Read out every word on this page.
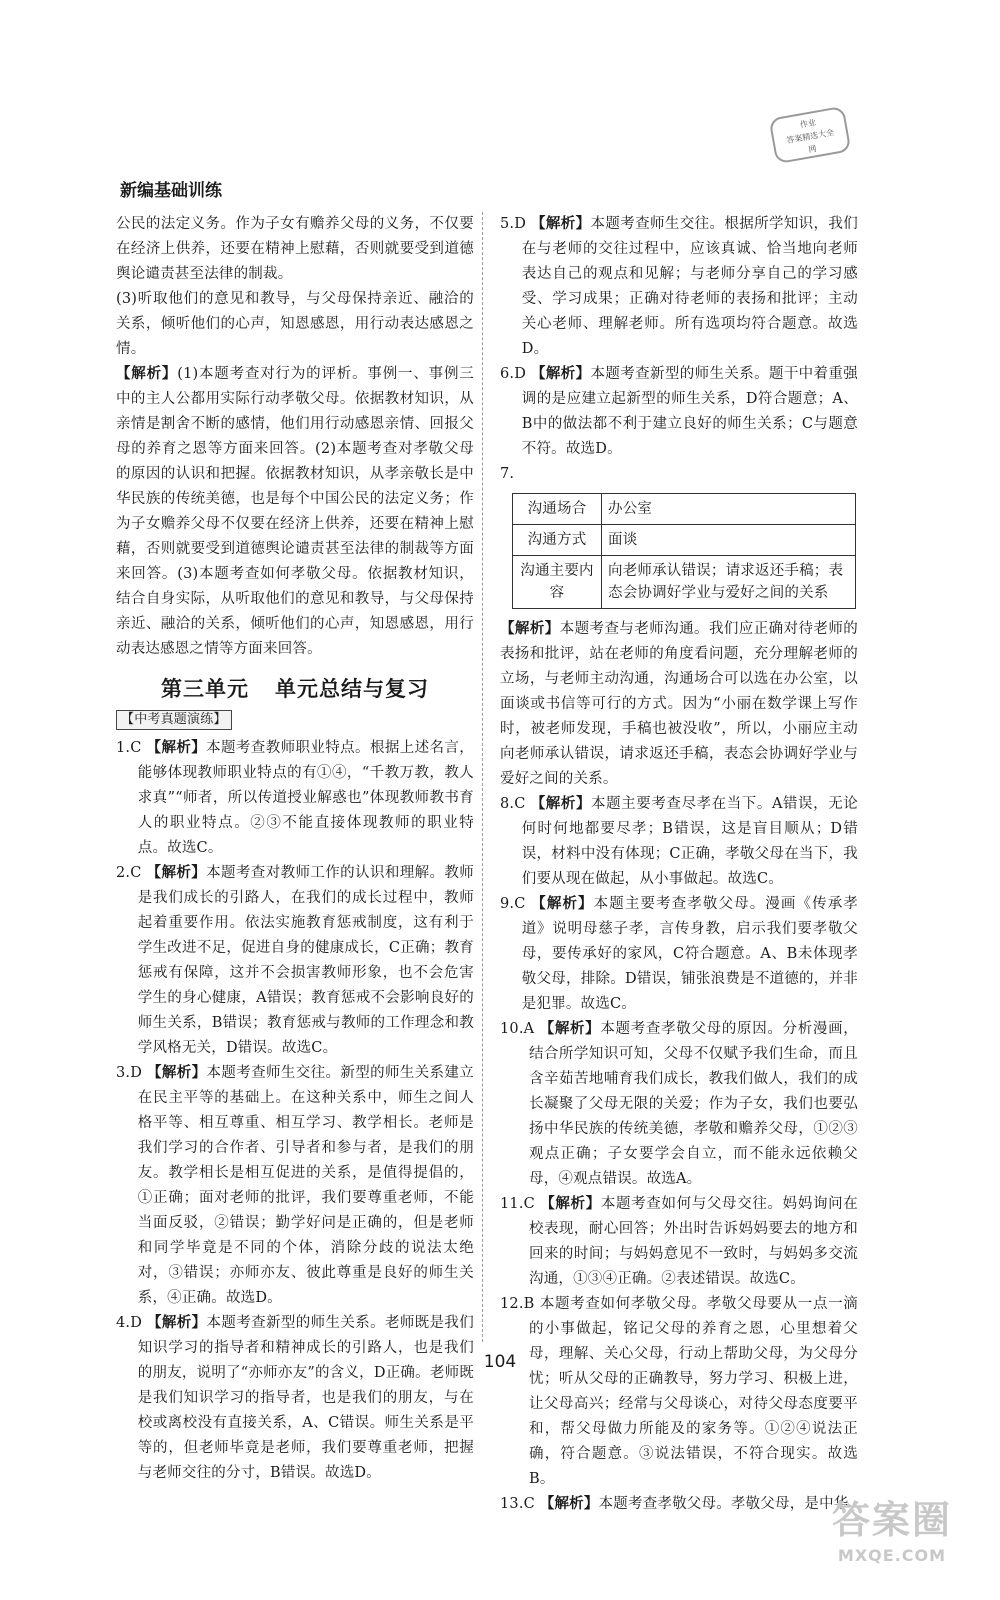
新编基础训练
作业
答案精选大全
网

公民的法定义务。作为子女有赡养父母的义务，不仅要在经济上供养，还要在精神上慰藉，否则就要受到道德舆论谴责甚至法律的制裁。

(3)听取他们的意见和教导，与父母保持亲近、融洽的关系，倾听他们的心声，知恩感恩，用行动表达感恩之情。

【解析】(1)本题考查对行为的评析。事例一、事例三中的主人公都用实际行动孝敬父母。依据教材知识，从亲情是割舍不断的感情，他们用行动感恩亲情、回报父母的养育之恩等方面来回答。(2)本题考查对孝敬父母的原因的认识和把握。依据教材知识，从孝亲敬长是中华民族的传统美德，也是每个中国公民的法定义务；作为子女赡养父母不仅要在经济上供养，还要在精神上慰藉，否则就要受到道德舆论谴责甚至法律的制裁等方面来回答。(3)本题考查如何孝敬父母。依据教材知识，结合自身实际，从听取他们的意见和教导，与父母保持亲近、融洽的关系，倾听他们的心声，知恩感恩，用行动表达感恩之情等方面来回答。

第三单元 单元总结与复习
【中考真题演练】

1.C 【解析】本题考查教师职业特点。根据上述名言，能够体现教师职业特点的有①④，“千教万教，教人求真”“师者，所以传道授业解惑也”体现教师教书育人的职业特点。②③不能直接体现教师的职业特点。故选C。

2.C 【解析】本题考查对教师工作的认识和理解。教师是我们成长的引路人，在我们的成长过程中，教师起着重要作用。依法实施教育惩戒制度，这有利于学生改进不足，促进自身的健康成长，C正确；教育惩戒有保障，这并不会损害教师形象，也不会危害学生的身心健康，A错误；教育惩戒不会影响良好的师生关系，B错误；教育惩戒与教师的工作理念和教学风格无关，D错误。故选C。

3.D 【解析】本题考查师生交往。新型的师生关系建立在民主平等的基础上。在这种关系中，师生之间人格平等、相互尊重、相互学习、教学相长。老师是我们学习的合作者、引导者和参与者，是我们的朋友。教学相长是相互促进的关系，是值得提倡的，①正确；面对老师的批评，我们要尊重老师，不能当面反驳，②错误；勤学好问是正确的，但是老师和同学毕竟是不同的个体，消除分歧的说法太绝对，③错误；亦师亦友、彼此尊重是良好的师生关系，④正确。故选D。

4.D 【解析】本题考查新型的师生关系。老师既是我们知识学习的指导者和精神成长的引路人，也是我们的朋友，说明了“亦师亦友”的含义，D正确。老师既是我们知识学习的指导者，也是我们的朋友，与在校或离校没有直接关系，A、C错误。师生关系是平等的，但老师毕竟是老师，我们要尊重老师，把握与老师交往的分寸，B错误。故选D。

5.D 【解析】本题考查师生交往。根据所学知识，我们在与老师的交往过程中，应该真诚、恰当地向老师表达自己的观点和见解；与老师分享自己的学习感受、学习成果；正确对待老师的表扬和批评；主动关心老师、理解老师。所有选项均符合题意。故选D。

6.D 【解析】本题考查新型的师生关系。题干中着重强调的是应建立起新型的师生关系，D符合题意；A、B中的做法都不利于建立良好的师生关系；C与题意不符。故选D。

7.

沟通场合	办公室
沟通方式	面谈
沟通主要内容	向老师承认错误；请求返还手稿；表态会协调好学业与爱好之间的关系

【解析】本题考查与老师沟通。我们应正确对待老师的表扬和批评，站在老师的角度看问题，充分理解老师的立场，与老师主动沟通，沟通场合可以选在办公室，以面谈或书信等可行的方式。因为“小丽在数学课上写作时，被老师发现，手稿也被没收”，所以，小丽应主动向老师承认错误，请求返还手稿，表态会协调好学业与爱好之间的关系。

8.C 【解析】本题主要考查尽孝在当下。A错误，无论何时何地都要尽孝；B错误，这是盲目顺从；D错误，材料中没有体现；C正确，孝敬父母在当下，我们要从现在做起，从小事做起。故选C。

9.C 【解析】本题主要考查孝敬父母。漫画《传承孝道》说明母慈子孝，言传身教，启示我们要孝敬父母，要传承好的家风，C符合题意。A、B未体现孝敬父母，排除。D错误，铺张浪费是不道德的，并非是犯罪。故选C。

10.A 【解析】本题考查孝敬父母的原因。分析漫画，结合所学知识可知，父母不仅赋予我们生命，而且含辛茹苦地哺育我们成长，教我们做人，我们的成长凝聚了父母无限的关爱；作为子女，我们也要弘扬中华民族的传统美德，孝敬和赡养父母，①②③观点正确；子女要学会自立，而不能永远依赖父母，④观点错误。故选A。

11.C 【解析】本题考查如何与父母交往。妈妈询问在校表现，耐心回答；外出时告诉妈妈要去的地方和回来的时间；与妈妈意见不一致时，与妈妈多交流沟通，①③④正确。②表述错误。故选C。

12.B 本题考查如何孝敬父母。孝敬父母要从一点一滴的小事做起，铭记父母的养育之恩，心里想着父母，理解、关心父母，行动上帮助父母，为父母分忧；听从父母的正确教导，努力学习、积极上进，让父母高兴；经常与父母谈心，对待父母态度要平和，帮父母做力所能及的家务等。①②④说法正确，符合题意。③说法错误，不符合现实。故选B。

13.C 【解析】本题考查孝敬父母。孝敬父母，是中华

104
答案圈
MXQE.COM
